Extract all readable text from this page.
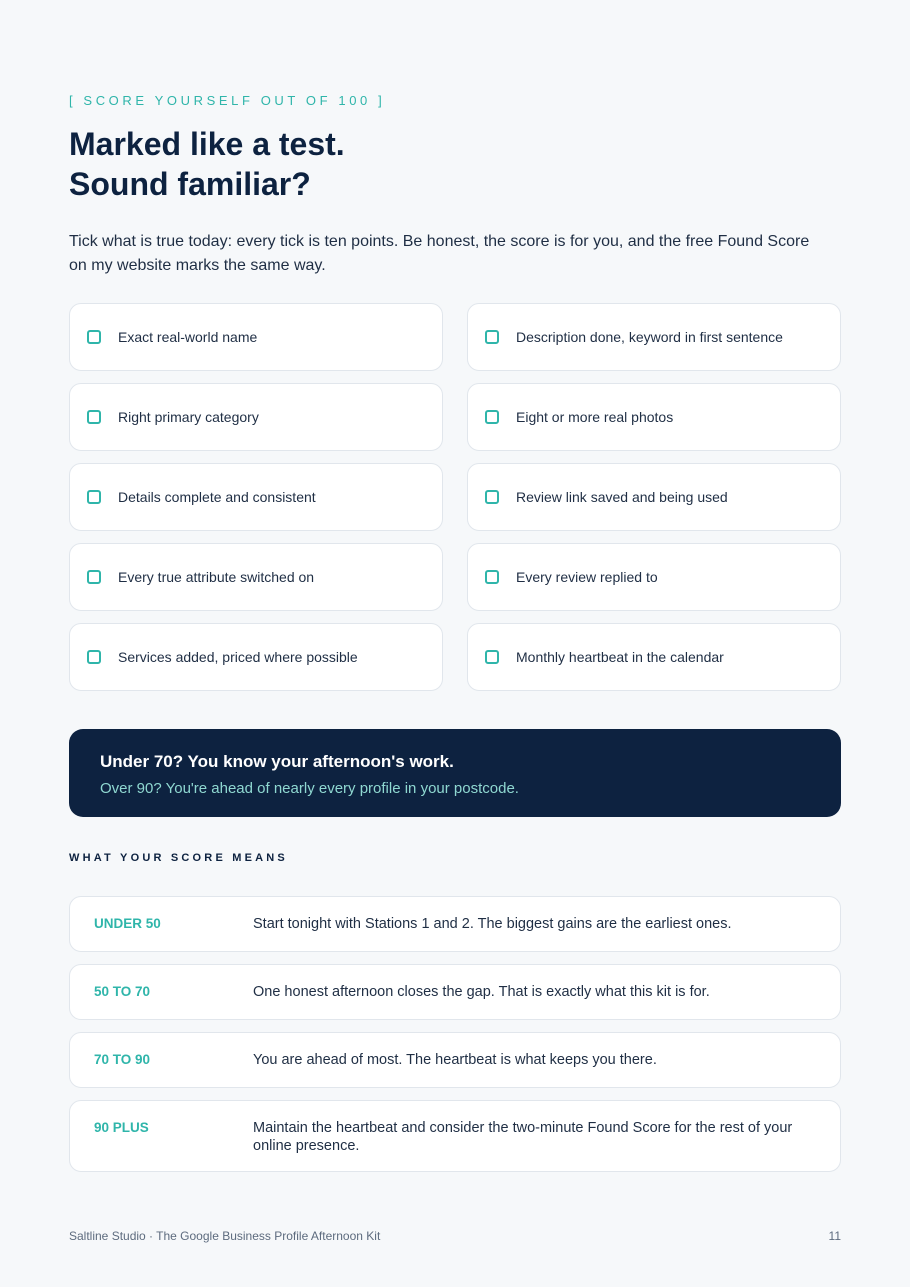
[ SCORE YOURSELF OUT OF 100 ]
Marked like a test.
Sound familiar?

Tick what is true today: every tick is ten points. Be honest, the score is for you, and the free Found Score on my website marks the same way.

Exact real-world name	Description done, keyword in first sentence
Right primary category	Eight or more real photos
Details complete and consistent	Review link saved and being used
Every true attribute switched on	Every review replied to
Services added, priced where possible	Monthly heartbeat in the calendar
Under 70? You know your afternoon's work.
Over 90? You're ahead of nearly every profile in your postcode.
WHAT YOUR SCORE MEANS
UNDER 50	Start tonight with Stations 1 and 2. The biggest gains are the earliest ones.
50 TO 70	One honest afternoon closes the gap. That is exactly what this kit is for.
70 TO 90	You are ahead of most. The heartbeat is what keeps you there.
90 PLUS	Maintain the heartbeat and consider the two-minute Found Score for the rest of your online presence.
Saltline Studio · The Google Business Profile Afternoon Kit	11
